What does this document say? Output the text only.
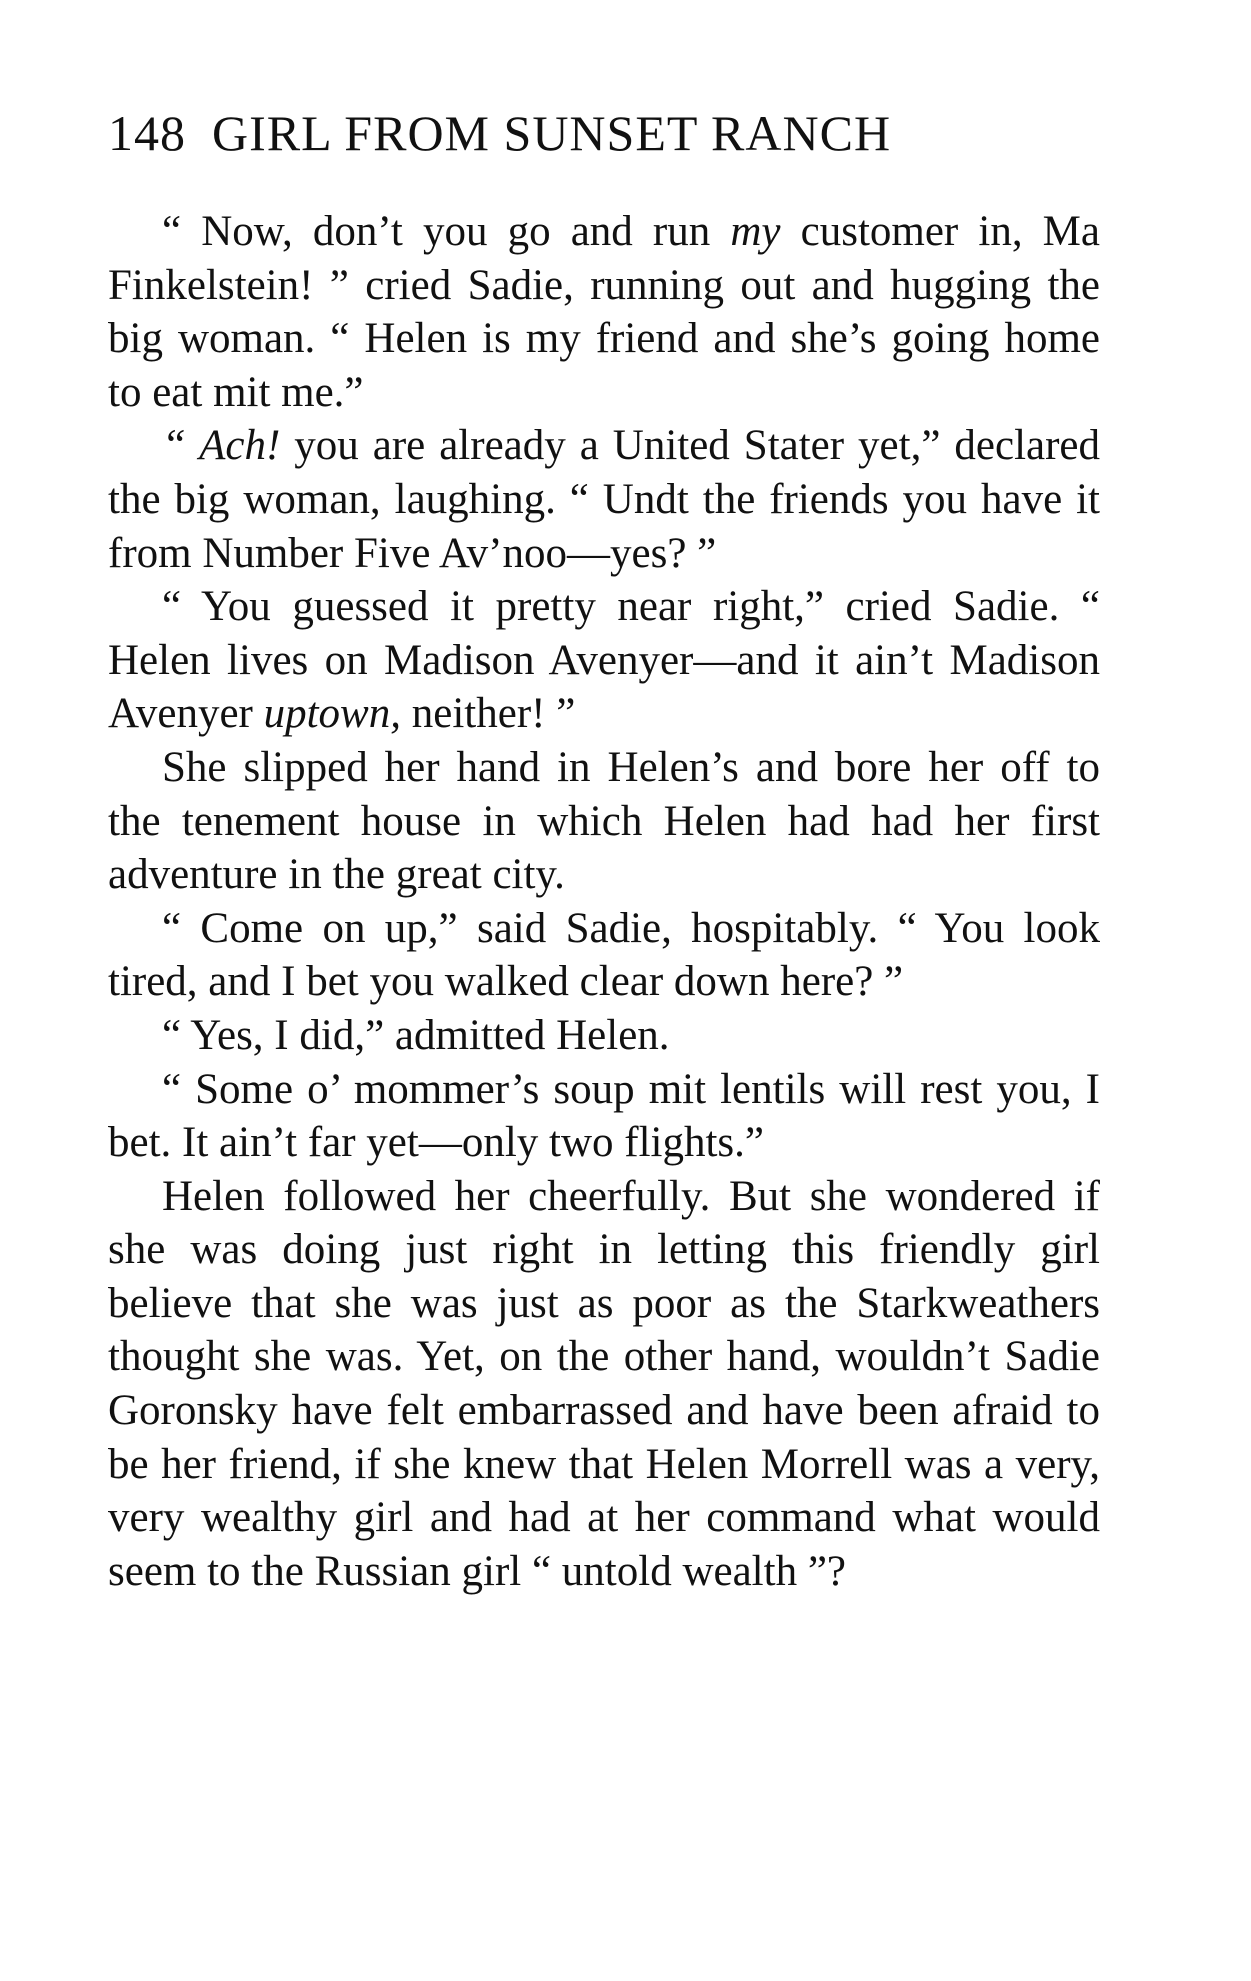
148 GIRL FROM SUNSET RANCH

“ Now, don’t you go and run my customer in, Ma Finkelstein! ” cried Sadie, running out and hugging the big woman. “ Helen is my friend and she’s going home to eat mit me.”

“ Ach! you are already a United Stater yet,” declared the big woman, laughing. “ Undt the friends you have it from Number Five Av’noo—yes? ”

“ You guessed it pretty near right,” cried Sadie. “ Helen lives on Madison Avenyer—and it ain’t Madison Avenyer uptown, neither! ”

She slipped her hand in Helen’s and bore her off to the tenement house in which Helen had had her first adventure in the great city.

“ Come on up,” said Sadie, hospitably. “ You look tired, and I bet you walked clear down here? ”

“ Yes, I did,” admitted Helen.

“ Some o’ mommer’s soup mit lentils will rest you, I bet. It ain’t far yet—only two flights.”

Helen followed her cheerfully. But she wondered if she was doing just right in letting this friendly girl believe that she was just as poor as the Starkweathers thought she was. Yet, on the other hand, wouldn’t Sadie Goronsky have felt embarrassed and have been afraid to be her friend, if she knew that Helen Morrell was a very, very wealthy girl and had at her command what would seem to the Russian girl “ untold wealth ”?
